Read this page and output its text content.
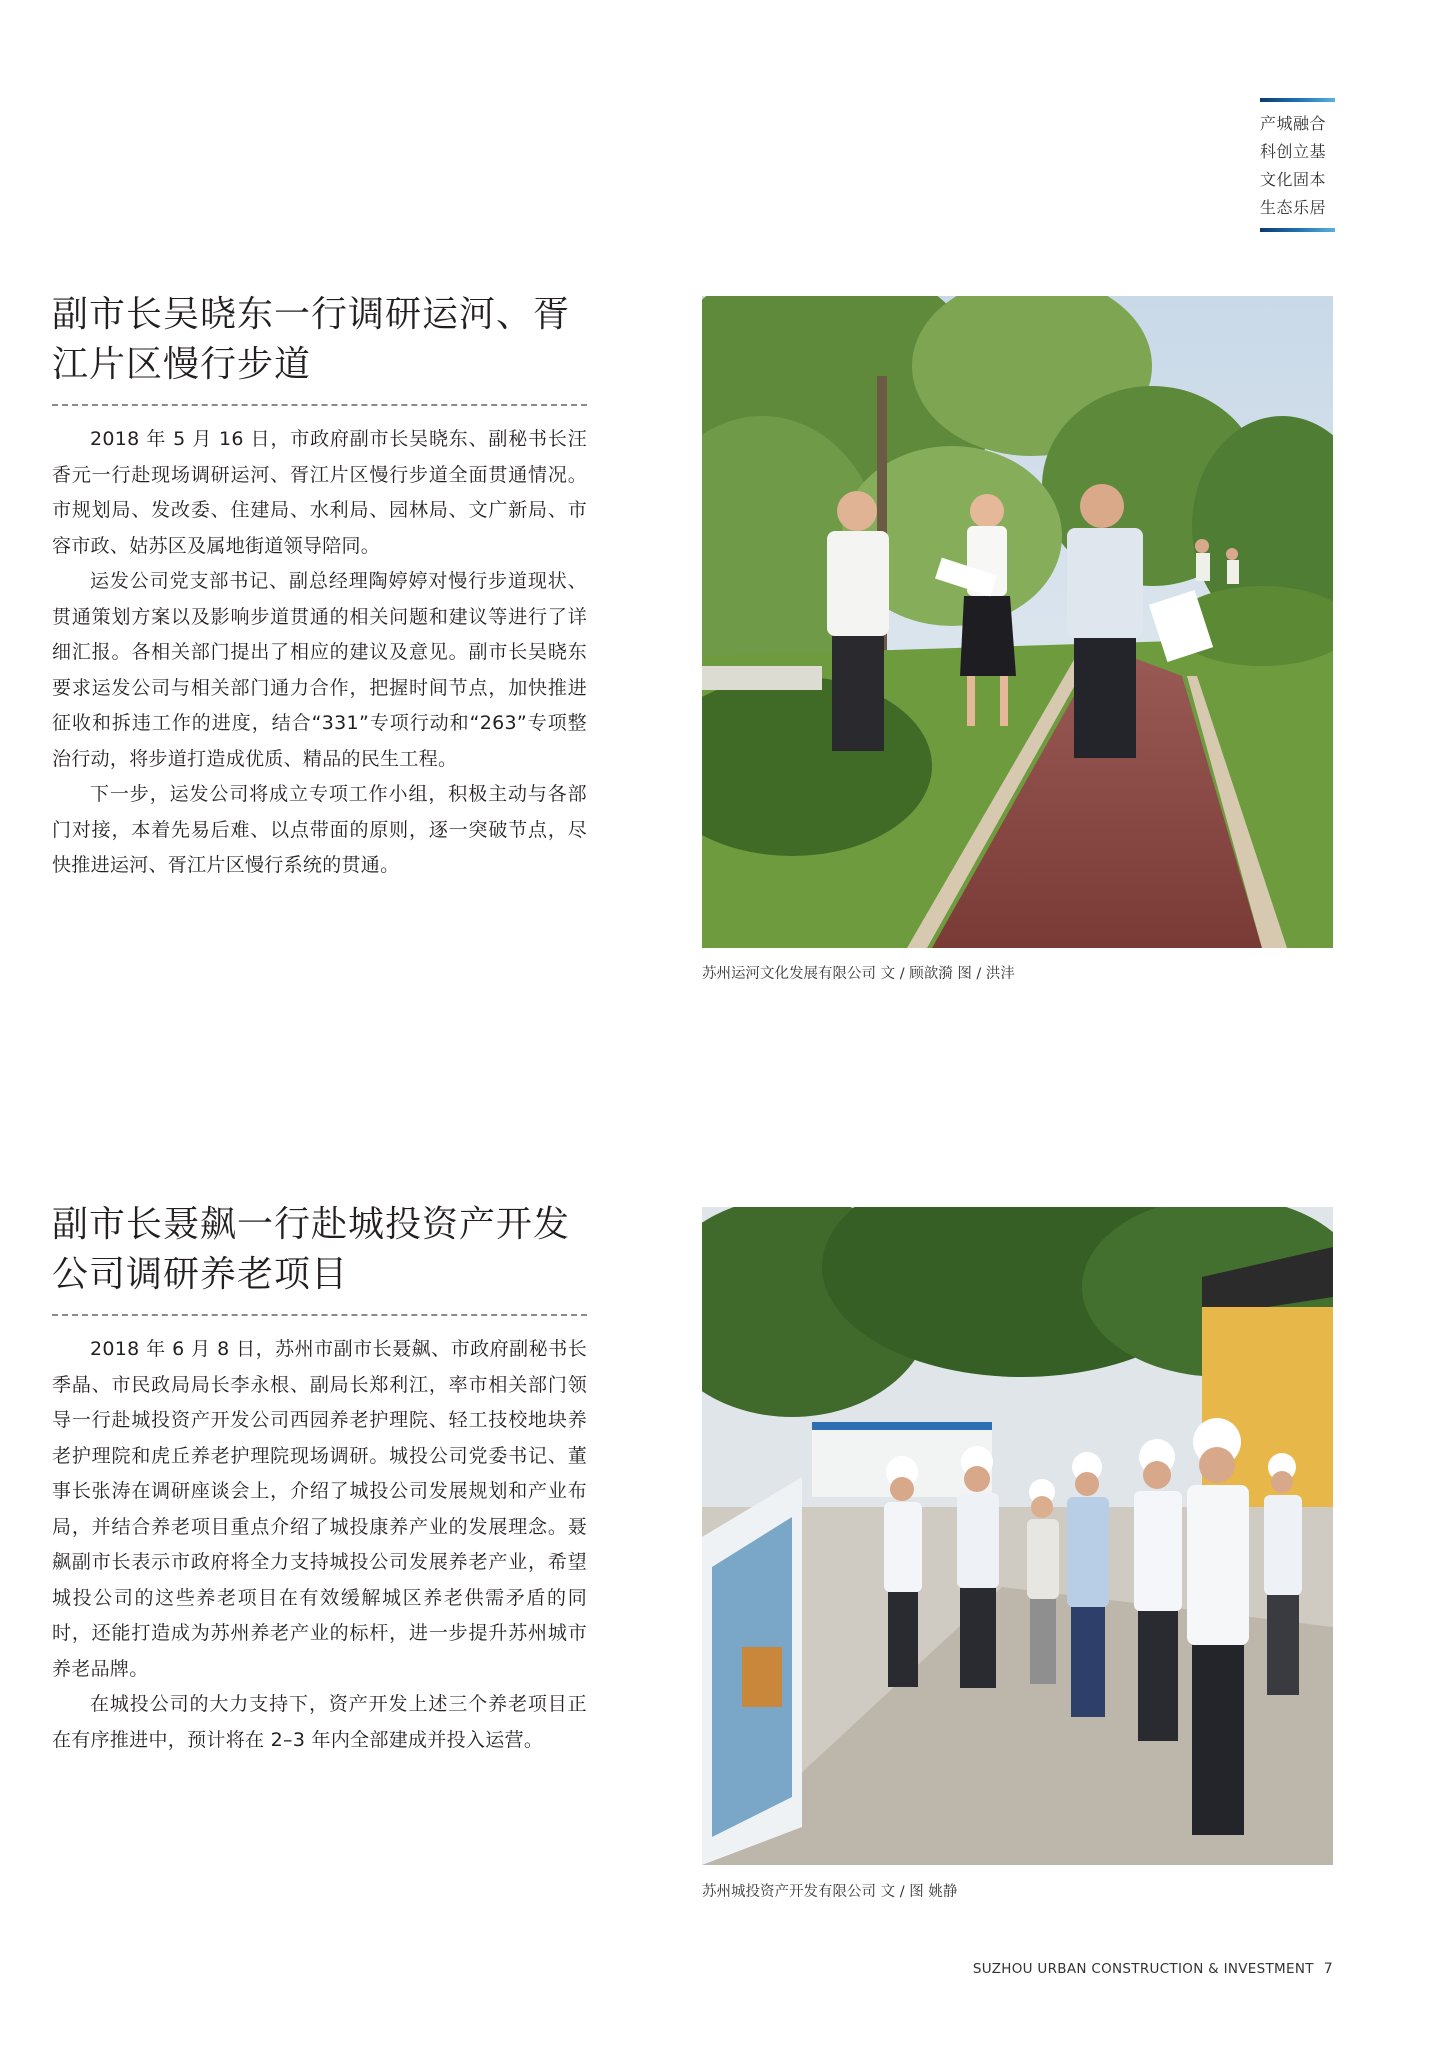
产城融合
科创立基
文化固本
生态乐居
副市长吴晓东一行调研运河、胥
江片区慢行步道

2018 年 5 月 16 日，市政府副市长吴晓东、副秘书长汪香元一行赴现场调研运河、胥江片区慢行步道全面贯通情况。市规划局、发改委、住建局、水利局、园林局、文广新局、市容市政、姑苏区及属地街道领导陪同。

运发公司党支部书记、副总经理陶婷婷对慢行步道现状、贯通策划方案以及影响步道贯通的相关问题和建议等进行了详细汇报。各相关部门提出了相应的建议及意见。副市长吴晓东要求运发公司与相关部门通力合作，把握时间节点，加快推进征收和拆违工作的进度，结合“331”专项行动和“263”专项整治行动，将步道打造成优质、精品的民生工程。

下一步，运发公司将成立专项工作小组，积极主动与各部门对接，本着先易后难、以点带面的原则，逐一突破节点，尽快推进运河、胥江片区慢行系统的贯通。

苏州运河文化发展有限公司 文 / 顾歆漪 图 / 洪沣
副市长聂飙一行赴城投资产开发
公司调研养老项目

2018 年 6 月 8 日，苏州市副市长聂飙、市政府副秘书长季晶、市民政局局长李永根、副局长郑利江，率市相关部门领导一行赴城投资产开发公司西园养老护理院、轻工技校地块养老护理院和虎丘养老护理院现场调研。城投公司党委书记、董事长张涛在调研座谈会上，介绍了城投公司发展规划和产业布局，并结合养老项目重点介绍了城投康养产业的发展理念。聂飙副市长表示市政府将全力支持城投公司发展养老产业，希望城投公司的这些养老项目在有效缓解城区养老供需矛盾的同时，还能打造成为苏州养老产业的标杆，进一步提升苏州城市养老品牌。

在城投公司的大力支持下，资产开发上述三个养老项目正在有序推进中，预计将在 2–3 年内全部建成并投入运营。

苏州城投资产开发有限公司 文 / 图 姚静
SUZHOU URBAN CONSTRUCTION & INVESTMENT 7
